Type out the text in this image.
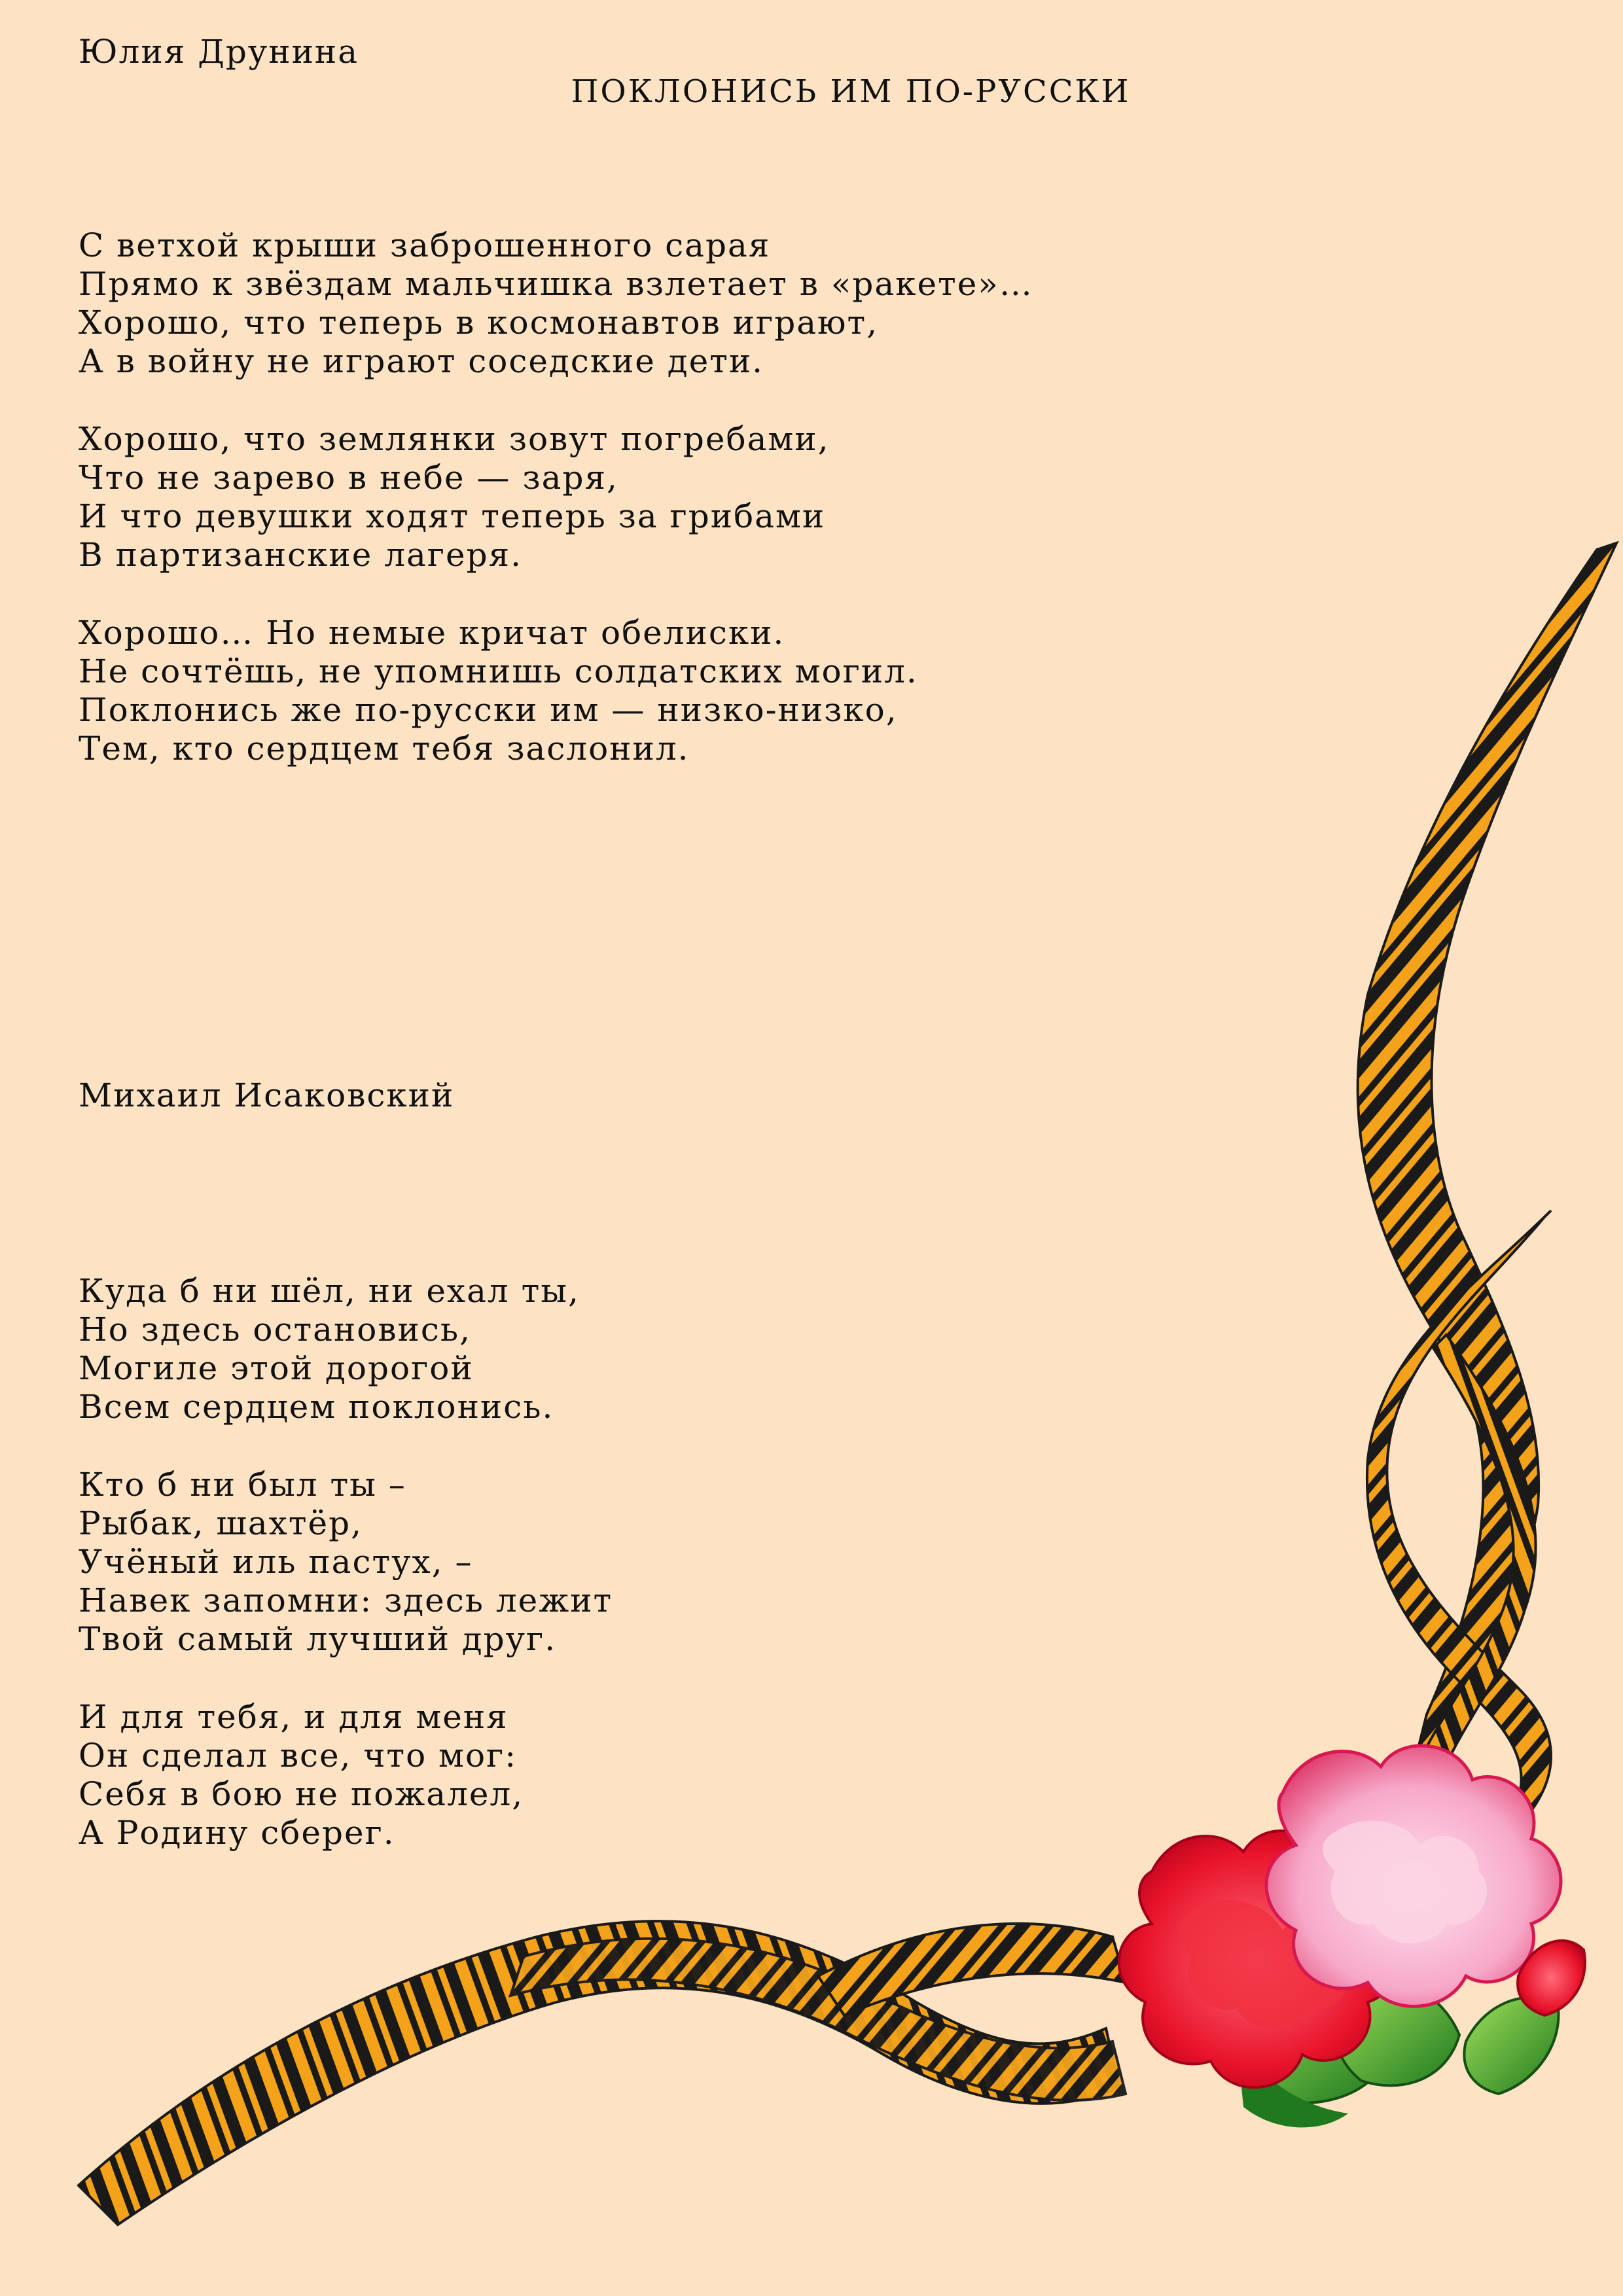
Юлия Друнина
ПОКЛОНИСЬ ИМ ПО-РУССКИ

С ветхой крыши заброшенного сарая
Прямо к звёздам мальчишка взлетает в «ракете»…
Хорошо, что теперь в космонавтов играют,
А в войну не играют соседские дети.

Хорошо, что землянки зовут погребами,
Что не зарево в небе — заря,
И что девушки ходят теперь за грибами
В партизанские лагеря.

Хорошо… Но немые кричат обелиски.
Не сочтёшь, не упомнишь солдатских могил.
Поклонись же по-русски им — низко-низко,
Тем, кто сердцем тебя заслонил.

Михаил Исаковский

Куда б ни шёл, ни ехал ты,
Но здесь остановись,
Могиле этой дорогой
Всем сердцем поклонись.

Кто б ни был ты –
Рыбак, шахтёр,
Учёный иль пастух, –
Навек запомни: здесь лежит
Твой самый лучший друг.

И для тебя, и для меня
Он сделал все, что мог:
Себя в бою не пожалел,
А Родину сберег.
